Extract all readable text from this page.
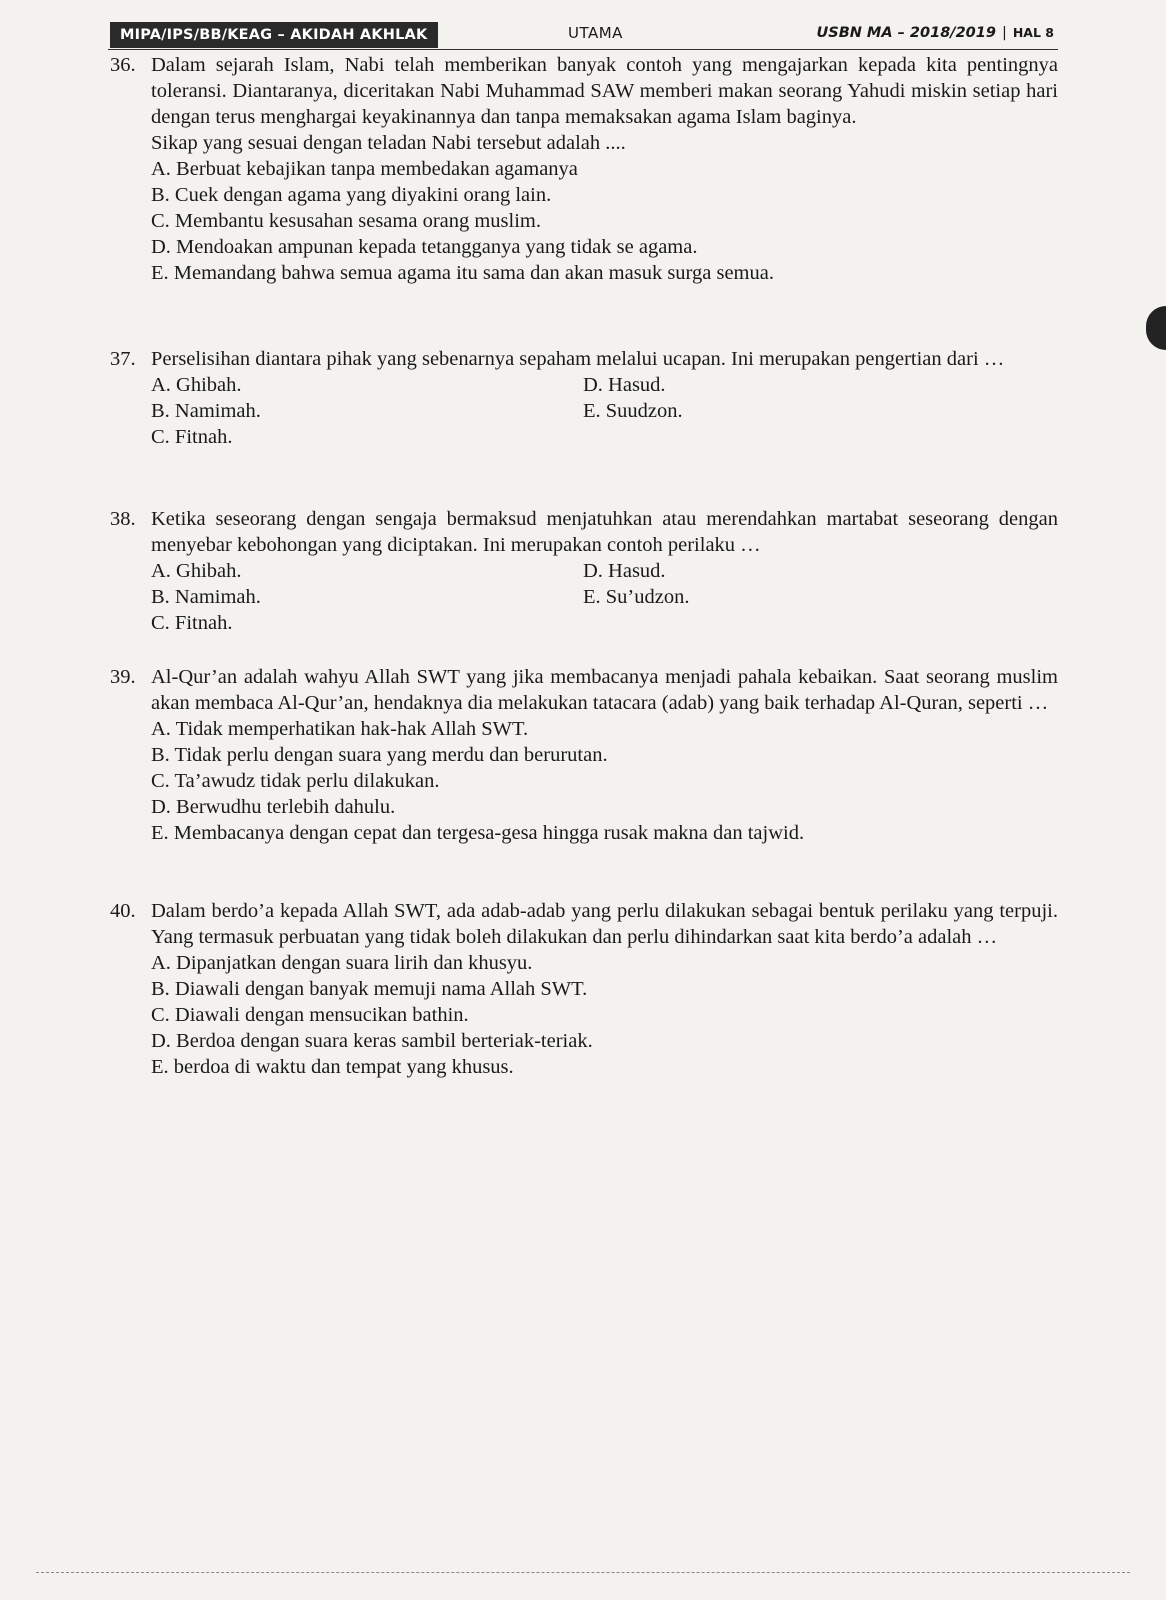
MIPA/IPS/BB/KEAG – AKIDAH AKHLAK	UTAMA	USBN MA – 2018/2019 | HAL 8
36. Dalam sejarah Islam, Nabi telah memberikan banyak contoh yang mengajarkan kepada kita pentingnya toleransi. Diantaranya, diceritakan Nabi Muhammad SAW memberi makan seorang Yahudi miskin setiap hari dengan terus menghargai keyakinannya dan tanpa memaksakan agama Islam baginya.
Sikap yang sesuai dengan teladan Nabi tersebut adalah ....
A. Berbuat kebajikan tanpa membedakan agamanya
B. Cuek dengan agama yang diyakini orang lain.
C. Membantu kesusahan sesama orang muslim.
D. Mendoakan ampunan kepada tetangganya yang tidak se agama.
E. Memandang bahwa semua agama itu sama dan akan masuk surga semua.
37. Perselisihan diantara pihak yang sebenarnya sepaham melalui ucapan. Ini merupakan pengertian dari …
A. Ghibah.	D. Hasud.
B. Namimah.	E. Suudzon.
C. Fitnah.
38. Ketika seseorang dengan sengaja bermaksud menjatuhkan atau merendahkan martabat seseorang dengan menyebar kebohongan yang diciptakan. Ini merupakan contoh perilaku …
A. Ghibah.	D. Hasud.
B. Namimah.	E. Su’udzon.
C. Fitnah.
39. Al-Qur’an adalah wahyu Allah SWT yang jika membacanya menjadi pahala kebaikan. Saat seorang muslim akan membaca Al-Qur’an, hendaknya dia melakukan tatacara (adab) yang baik terhadap Al-Quran, seperti …
A. Tidak memperhatikan hak-hak Allah SWT.
B. Tidak perlu dengan suara yang merdu dan berurutan.
C. Ta’awudz tidak perlu dilakukan.
D. Berwudhu terlebih dahulu.
E. Membacanya dengan cepat dan tergesa-gesa hingga rusak makna dan tajwid.
40. Dalam berdo’a kepada Allah SWT, ada adab-adab yang perlu dilakukan sebagai bentuk perilaku yang terpuji. Yang termasuk perbuatan yang tidak boleh dilakukan dan perlu dihindarkan saat kita berdo’a adalah …
A. Dipanjatkan dengan suara lirih dan khusyu.
B. Diawali dengan banyak memuji nama Allah SWT.
C. Diawali dengan mensucikan bathin.
D. Berdoa dengan suara keras sambil berteriak-teriak.
E. berdoa di waktu dan tempat yang khusus.
